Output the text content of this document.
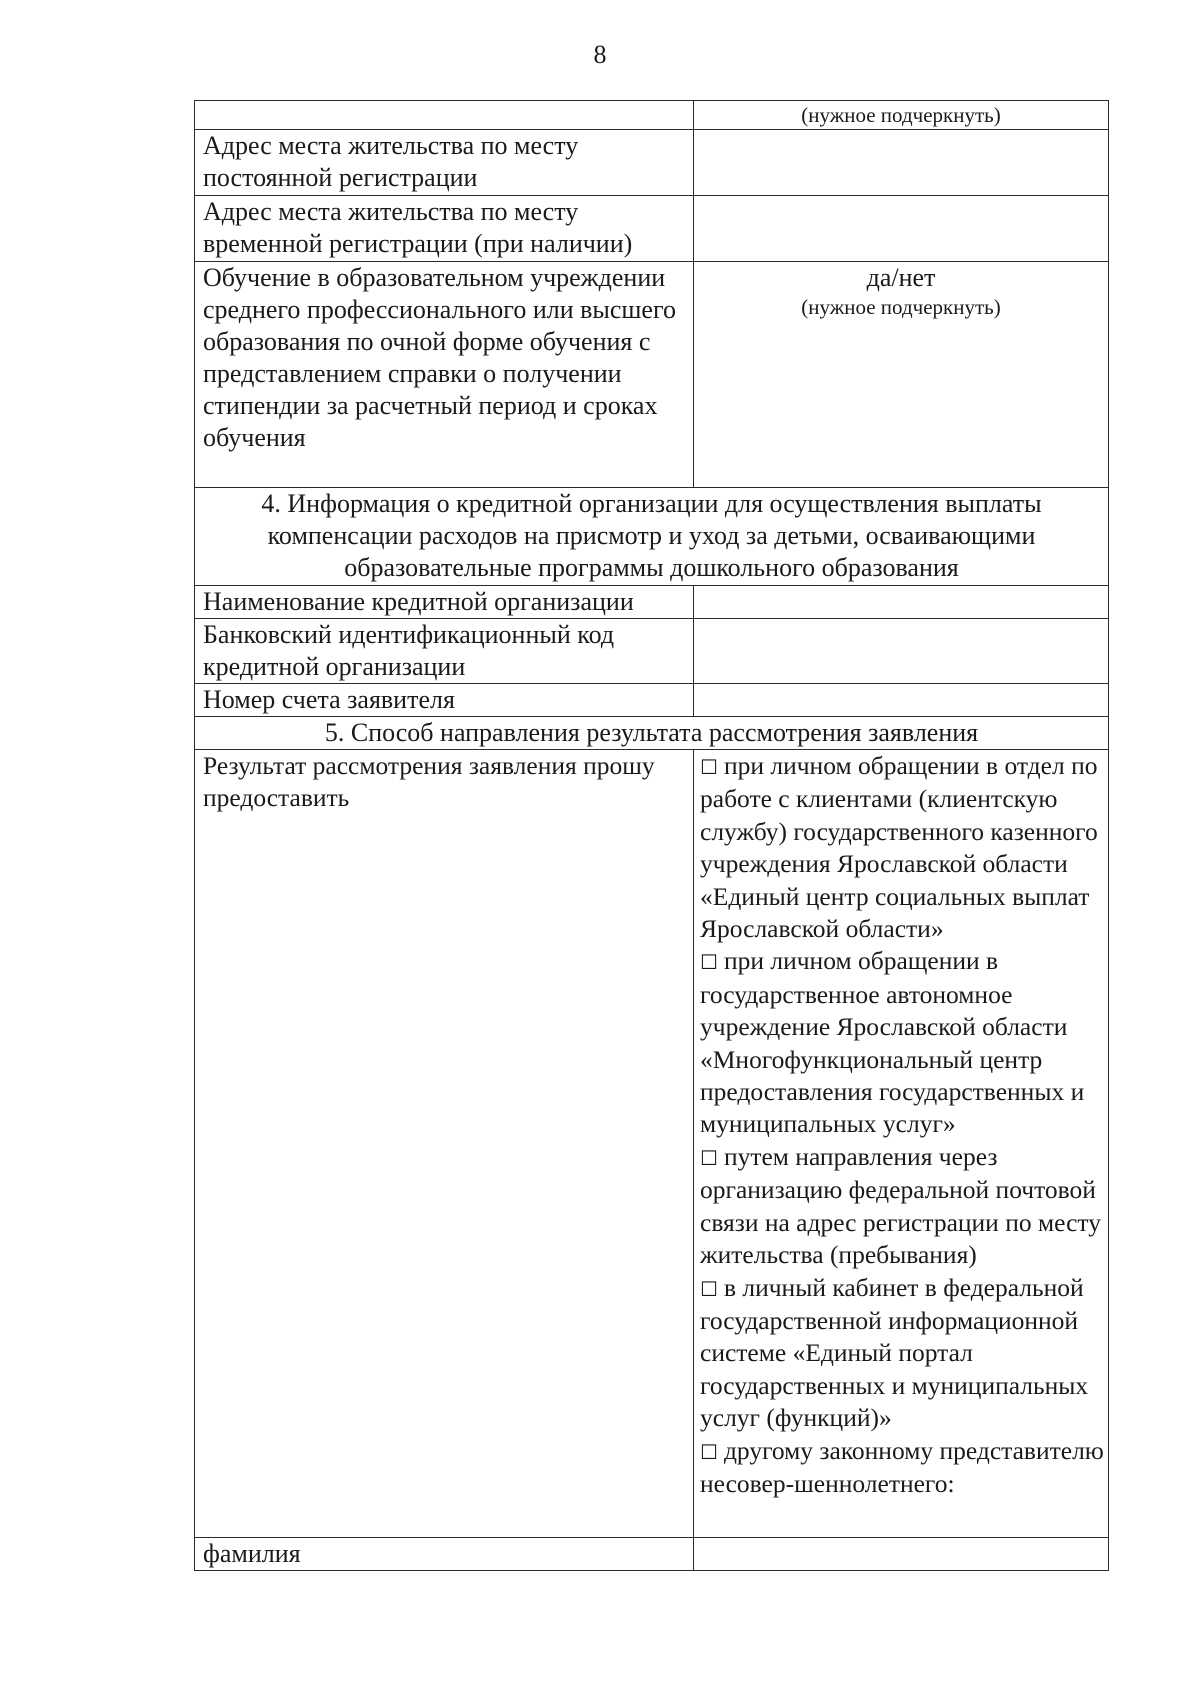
8
	(нужное подчеркнуть)
Адрес места жительства по месту постоянной регистрации	
Адрес места жительства по месту временной регистрации (при наличии)	
Обучение в образовательном учреждении среднего профессионального или высшего образования по очной форме обучения с представлением справки о получении стипендии за расчетный период и сроках обучения	да/нет
(нужное подчеркнуть)

4. Информация о кредитной организации для осуществления выплаты компенсации расходов на присмотр и уход за детьми, осваивающими образовательные программы дошкольного образования	
Наименование кредитной организации	
Банковский идентификационный код кредитной организации	
Номер счета заявителя	
5. Способ направления результата рассмотрения заявления	
Результат рассмотрения заявления прошу предоставить	☐ при личном обращении в отдел по работе с клиентами (клиентскую службу) государственного казенного учреждения Ярославской области «Единый центр социальных выплат Ярославской области»
☐ при личном обращении в государственное автономное учреждение Ярославской области «Многофункциональный центр предоставления государственных и муниципальных услуг»
☐ путем направления через организацию федеральной почтовой связи на адрес регистрации по месту жительства (пребывания)
☐ в личный кабинет в федеральной государственной информационной системе «Единый портал государственных и муниципальных услуг (функций)»
☐ другому законному представителю несовер-шеннолетнего:

фамилия	
